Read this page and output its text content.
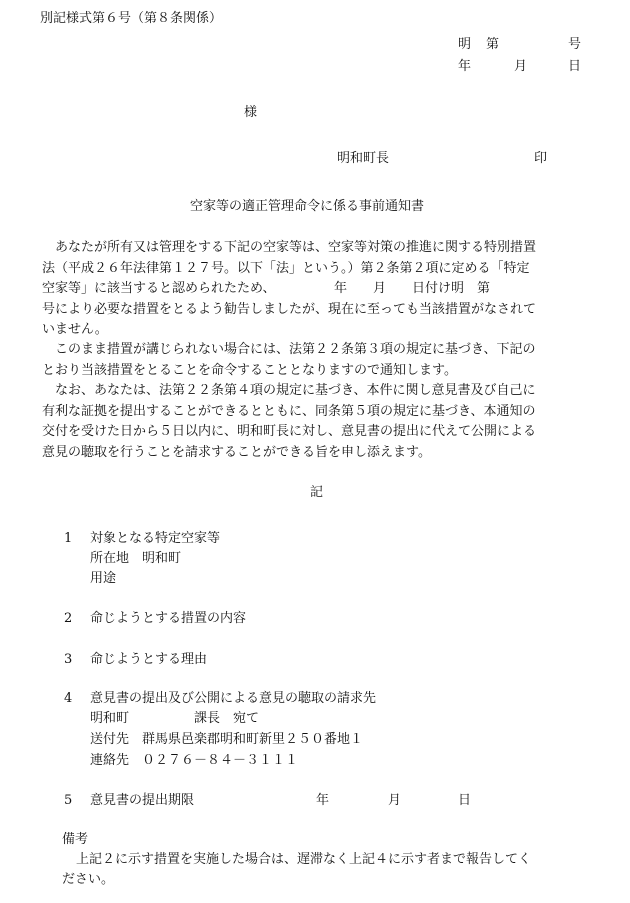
別記様式第６号（第８条関係）
明 第	号
年	月	日
様
明和町長	印
空家等の適正管理命令に係る事前通知書
あなたが所有又は管理をする下記の空家等は、空家等対策の推進に関する特別措置
法（平成２６年法律第１２７号。以下「法」という。）第２条第２項に定める「特定
空家等」に該当すると認められたため、　　　　　年　　月　　日付け明　第
号により必要な措置をとるよう勧告しましたが、現在に至っても当該措置がなされて
いません。
このまま措置が講じられない場合には、法第２２条第３項の規定に基づき、下記の
とおり当該措置をとることを命令することとなりますので通知します。
なお、あなたは、法第２２条第４項の規定に基づき、本件に関し意見書及び自己に
有利な証拠を提出することができるとともに、同条第５項の規定に基づき、本通知の
交付を受けた日から５日以内に、明和町長に対し、意見書の提出に代えて公開による
意見の聴取を行うことを請求することができる旨を申し添えます。
記
1 対象となる特定空家等
所在地　明和町
用途
2 命じようとする措置の内容
3 命じようとする理由
4 意見書の提出及び公開による意見の聴取の請求先
明和町　　　　　課長　宛て
送付先　群馬県邑楽郡明和町新里２５０番地１
連絡先　０２７６－８４－３１１１
5 意見書の提出期限	年	月	日
備考
上記２に示す措置を実施した場合は、遅滞なく上記４に示す者まで報告してく
ださい。
